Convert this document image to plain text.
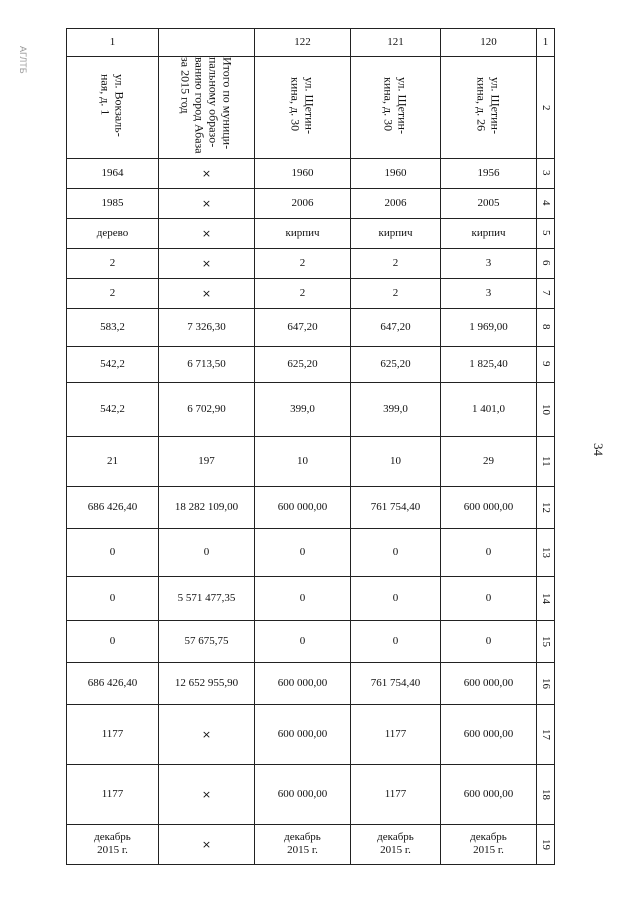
АГЛТБ
34
1		122	121	120	1
ул. Вокзаль-
ная, д. 1	Итого по муници-
пальному образо-
ванию город Абаза
за 2015 год	ул. Щетин-
кина, д. 30	ул. Щетин-
кина, д. 30	ул. Щетин-
кина, д. 26	2
1964	×	1960	1960	1956	3
1985	×	2006	2006	2005	4
дерево	×	кирпич	кирпич	кирпич	5
2	×	2	2	3	6
2	×	2	2	3	7
583,2	7 326,30	647,20	647,20	1 969,00	8
542,2	6 713,50	625,20	625,20	1 825,40	9
542,2	6 702,90	399,0	399,0	1 401,0	10
21	197	10	10	29	11
686 426,40	18 282 109,00	600 000,00	761 754,40	600 000,00	12
0	0	0	0	0	13
0	5 571 477,35	0	0	0	14
0	57 675,75	0	0	0	15
686 426,40	12 652 955,90	600 000,00	761 754,40	600 000,00	16
1177	×	600 000,00	1177	600 000,00	17
1177	×	600 000,00	1177	600 000,00	18
декабрь
2015 г.	×	декабрь
2015 г.	декабрь
2015 г.	декабрь
2015 г.	19
